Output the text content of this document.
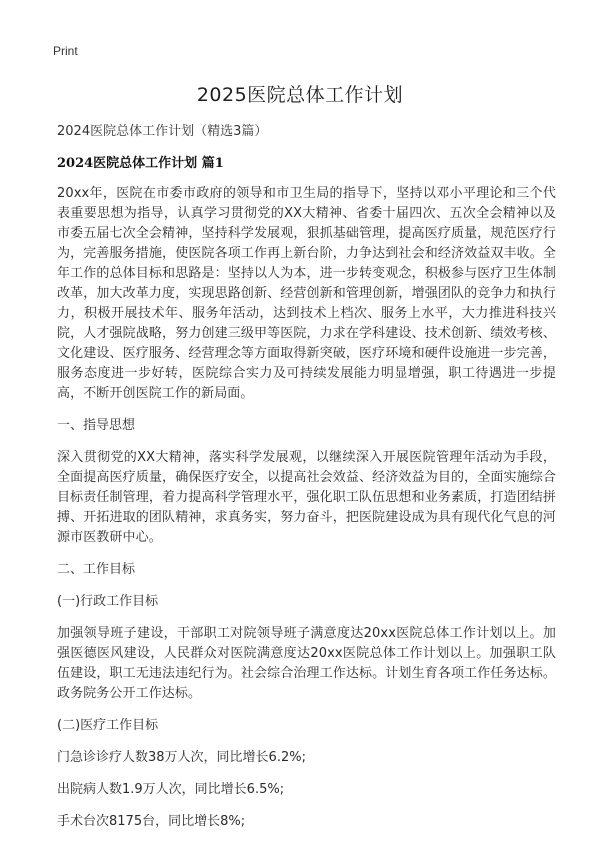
Print
2025医院总体工作计划

2024医院总体工作计划（精选3篇）

2024医院总体工作计划 篇1

20xx年，医院在市委市政府的领导和市卫生局的指导下，坚持以邓小平理论和三个代表重要思想为指导，认真学习贯彻党的XX大精神、省委十届四次、五次全会精神以及市委五届七次全会精神，坚持科学发展观，狠抓基础管理，提高医疗质量，规范医疗行为，完善服务措施，使医院各项工作再上新台阶，力争达到社会和经济效益双丰收。全年工作的总体目标和思路是：坚持以人为本，进一步转变观念，积极参与医疗卫生体制改革，加大改革力度，实现思路创新、经营创新和管理创新，增强团队的竞争力和执行力，积极开展技术年、服务年活动，达到技术上档次、服务上水平，大力推进科技兴院，人才强院战略，努力创建三级甲等医院，力求在学科建设、技术创新、绩效考核、文化建设、医疗服务、经营理念等方面取得新突破，医疗环境和硬件设施进一步完善，服务态度进一步好转，医院综合实力及可持续发展能力明显增强，职工待遇进一步提高，不断开创医院工作的新局面。

一、指导思想

深入贯彻党的XX大精神，落实科学发展观，以继续深入开展医院管理年活动为手段，全面提高医疗质量，确保医疗安全，以提高社会效益、经济效益为目的，全面实施综合目标责任制管理，着力提高科学管理水平，强化职工队伍思想和业务素质，打造团结拼搏、开拓进取的团队精神，求真务实，努力奋斗，把医院建设成为具有现代化气息的河源市医教研中心。

二、工作目标

(一)行政工作目标

加强领导班子建设，干部职工对院领导班子满意度达20xx医院总体工作计划以上。加强医德医风建设，人民群众对医院满意度达20xx医院总体工作计划以上。加强职工队伍建设，职工无违法违纪行为。社会综合治理工作达标。计划生育各项工作任务达标。政务院务公开工作达标。

(二)医疗工作目标

门急诊诊疗人数38万人次，同比增长6.2%;

出院病人数1.9万人次，同比增长6.5%;

手术台次8175台，同比增长8%;
